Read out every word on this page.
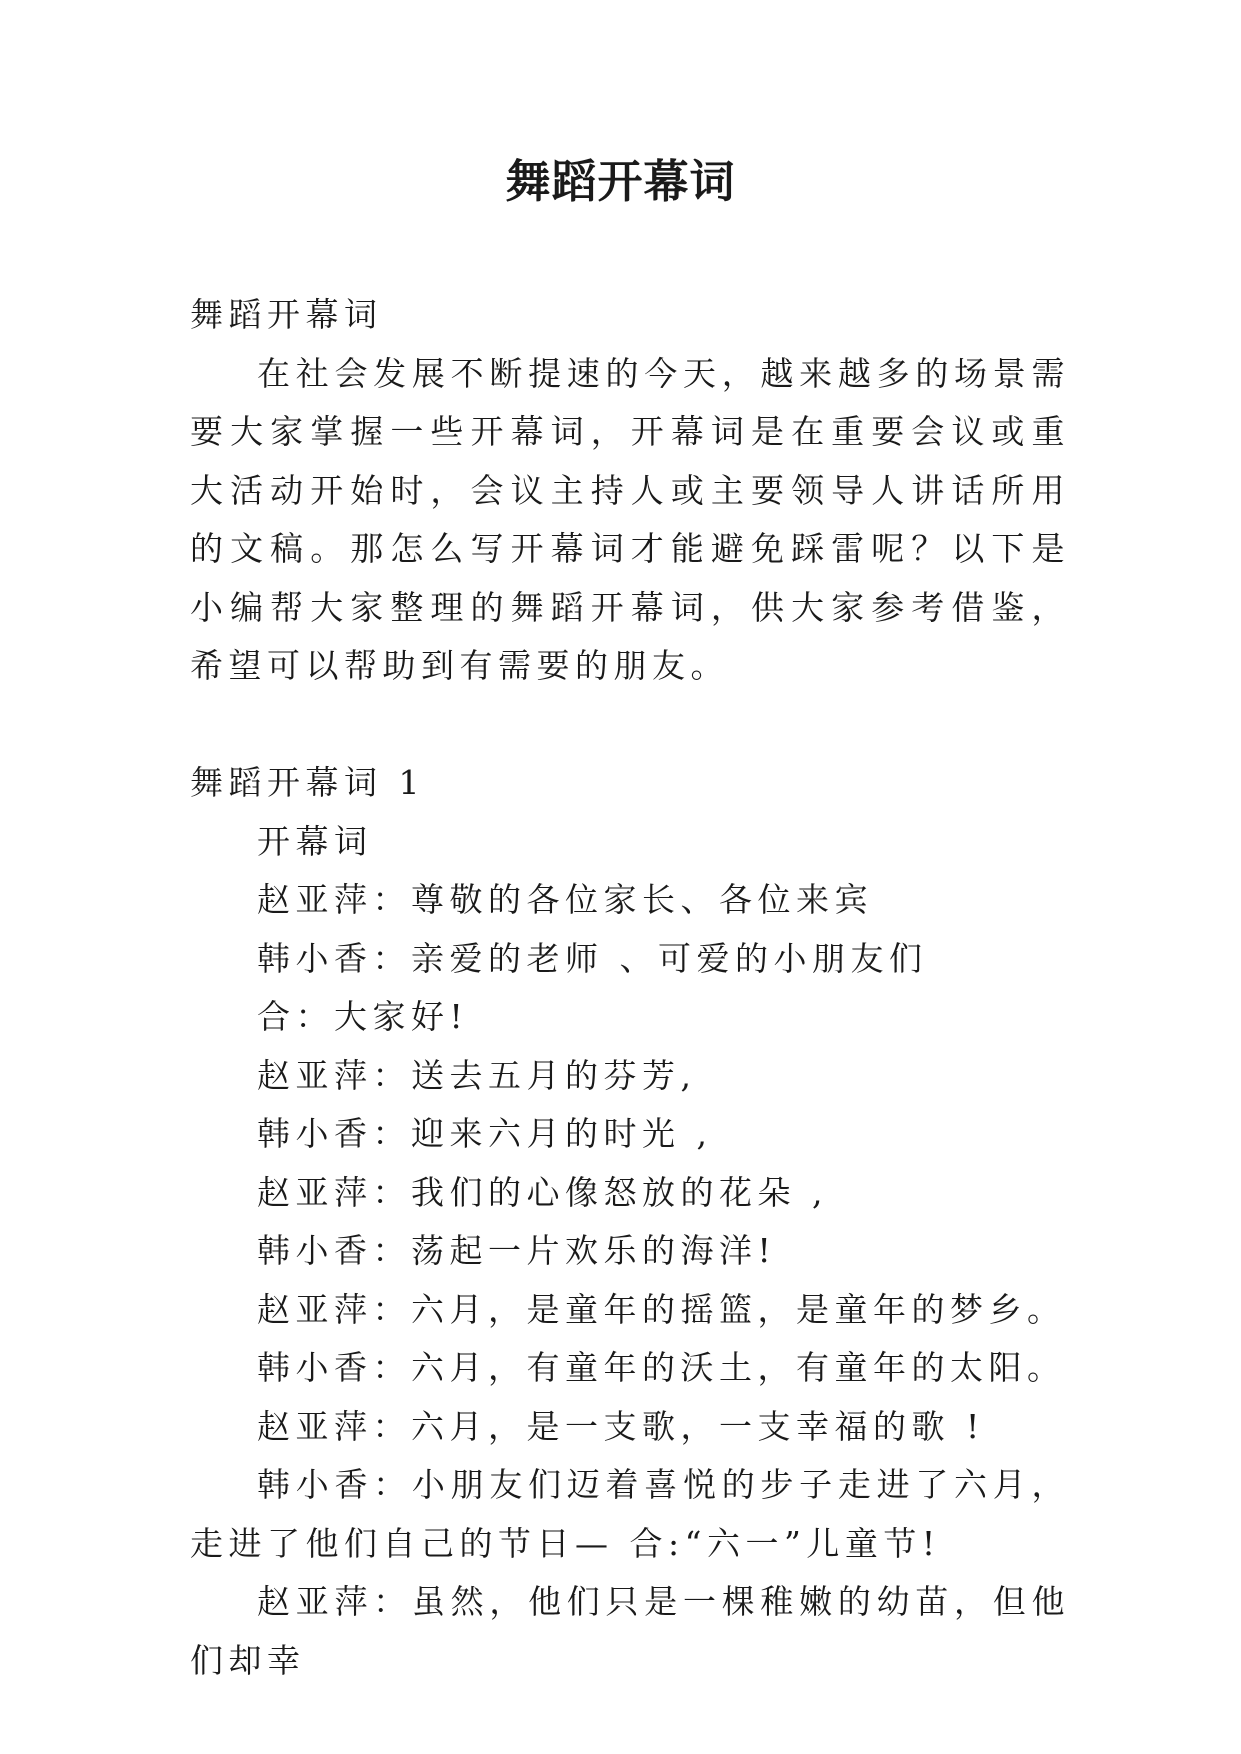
舞蹈开幕词

舞蹈开幕词

在社会发展不断提速的今天，越来越多的场景需要大家掌握一些开幕词，开幕词是在重要会议或重大活动开始时，会议主持人或主要领导人讲话所用的文稿。那怎么写开幕词才能避免踩雷呢？以下是小编帮大家整理的舞蹈开幕词，供大家参考借鉴，希望可以帮助到有需要的朋友。

舞蹈开幕词 1

开幕词

赵亚萍：尊敬的各位家长、各位来宾

韩小香：亲爱的老师 、可爱的小朋友们

合：大家好!

赵亚萍：送去五月的芬芳,

韩小香：迎来六月的时光 ,

赵亚萍：我们的心像怒放的花朵 ,

韩小香：荡起一片欢乐的海洋!

赵亚萍：六月，是童年的摇篮，是童年的梦乡。

韩小香：六月，有童年的沃土，有童年的太阳。

赵亚萍：六月，是一支歌，一支幸福的歌 !

韩小香：小朋友们迈着喜悦的步子走进了六月，走进了他们自己的节日— 合:“六一”儿童节!

赵亚萍：虽然，他们只是一棵稚嫩的幼苗，但他们却幸
